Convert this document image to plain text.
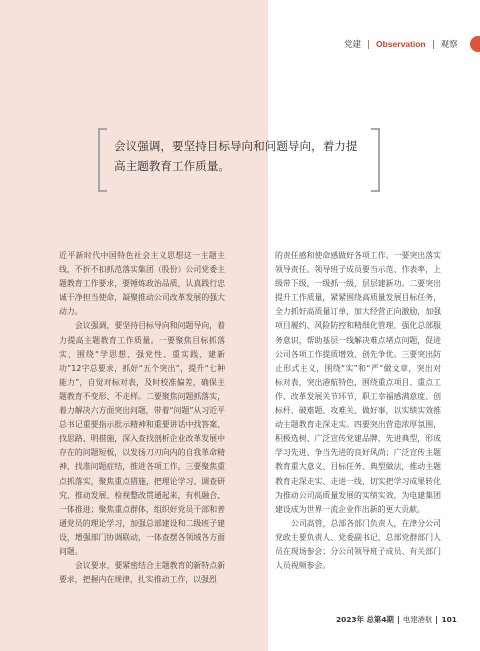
党建 Observation 观察

会议强调，要坚持目标导向和问题导向，着力提高主题教育工作质量。

近平新时代中国特色社会主义思想这一主题主线，不折不扣抓范落实集团（股份）公司党委主题教育工作要求，要锤炼政治品质，认真践行忠诚干净担当使命，凝聚推动公司改革发展的强大动力。

会议强调，要坚持目标导向和问题导向，着力提高主题教育工作质量。一要聚焦目标抓落实，围绕“学思想、强党性、重实践、建新功”12字总要求，抓好“五个突出”，提升“七种能力”，自觉对标对表，及时校准偏差，确保主题教育不变形、不走样。二要聚焦问题抓落实，着力解决六方面突出问题，带着“问题”从习近平总书记重要指示批示精神和重要讲话中找答案、找思路、明措施，深入查找剖析企业改革发展中存在的问题短板，以发扬刀刃向内的自我革命精神，找准问题症结，推进各项工作。三要聚焦重点抓落实，聚焦重点措施，把理论学习、调查研究、推动发展、检视整改贯通起来，有机融合、一体推进；聚焦重点群体，组织好党员干部和普通党员的理论学习，加强总部建设和二级班子建设，增强部门协调联动，一体查摆各领域各方面问题。

会议要求，要紧密结合主题教育的新特点新要求，把握内在规律，扎实推动工作，以强烈

的责任感和使命感做好各项工作。一要突出落实领导责任。领导班子成员要当示范、作表率，上级带下级，一级抓一级，层层建新功。二要突出提升工作质量，紧紧围绕高质量发展目标任务，全力抓好高质量订单，加大经营正向激励，加强项目履约、风险防控和精细化管理，强化总部服务意识，帮助基层一线解决难点堵点问题，促进公司各项工作提质增效、创先争优。三要突出防止形式主义，围绕“实”和“严”做文章，突出对标对表，突出港航特色，围绕重点项目、重点工作、改革发展关节环节，职工幸福感满意度、创标杆、破难题、攻难关、做好事，以实绩实效推动主题教育走深走实。四要突出营造浓厚氛围，积极选树、广泛宣传党建品牌、先进典型，形成学习先进、争当先进的良好风尚；广泛宣传主题教育重大意义、目标任务、典型做法，推动主题教育走深走实、走进一线，切实把学习成果转化为推动公司高质量发展的实绩实效，为电建集团建设成为世界一流企业作出新的更大贡献。

公司高管，总部各部门负责人，在津分公司党政主要负责人、党委副书记，总部党群部门人员在现场参会；分公司领导班子成员、有关部门人员视频参会。

2023年 总第4期 电建港航 101
